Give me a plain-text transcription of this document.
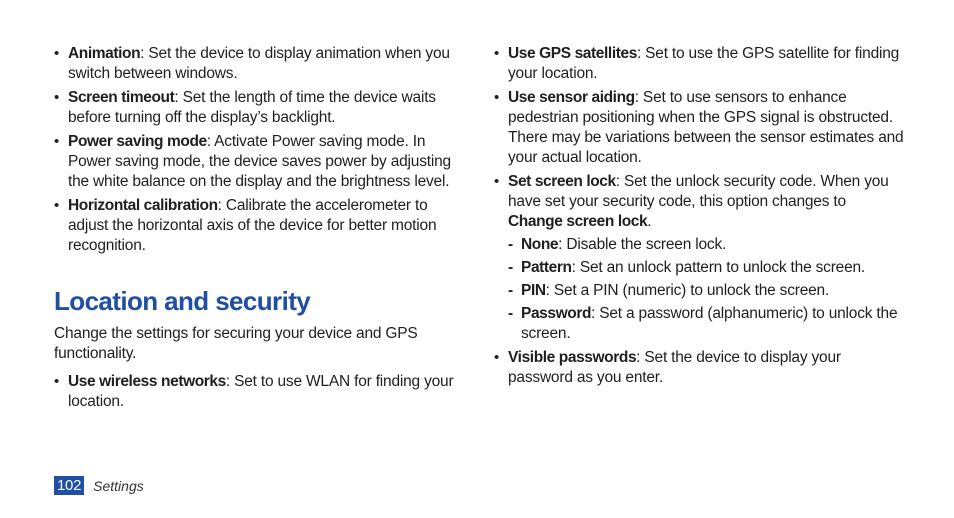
• Animation: Set the device to display animation when you switch between windows.
• Screen timeout: Set the length of time the device waits before turning off the display’s backlight.
• Power saving mode: Activate Power saving mode. In Power saving mode, the device saves power by adjusting the white balance on the display and the brightness level.
• Horizontal calibration: Calibrate the accelerometer to adjust the horizontal axis of the device for better motion recognition.
Location and security

Change the settings for securing your device and GPS functionality.

• Use wireless networks: Set to use WLAN for finding your location.
• Use GPS satellites: Set to use the GPS satellite for finding your location.
• Use sensor aiding: Set to use sensors to enhance pedestrian positioning when the GPS signal is obstructed. There may be variations between the sensor estimates and your actual location.
• Set screen lock: Set the unlock security code. When you have set your security code, this option changes to Change screen lock.
- None: Disable the screen lock.
- Pattern: Set an unlock pattern to unlock the screen.
- PIN: Set a PIN (numeric) to unlock the screen.
- Password: Set a password (alphanumeric) to unlock the screen.
• Visible passwords: Set the device to display your password as you enter.
102 Settings
